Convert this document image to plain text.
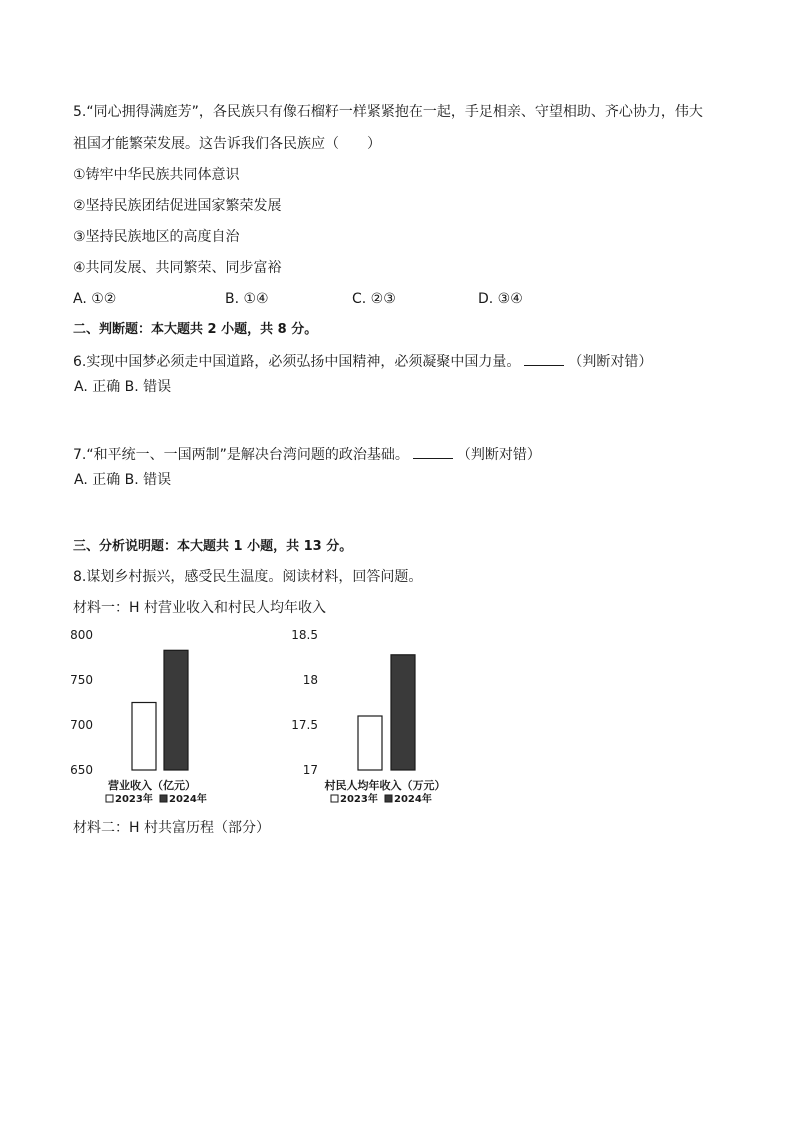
5.“同心拥得满庭芳”，各民族只有像石榴籽一样紧紧抱在一起，手足相亲、守望相助、齐心协力，伟大
祖国才能繁荣发展。这告诉我们各民族应（　　）
①铸牢中华民族共同体意识
②坚持民族团结促进国家繁荣发展
③坚持民族地区的高度自治
④共同发展、共同繁荣、同步富裕
A. ①②	B. ①④	C. ②③	D. ③④
二、判断题：本大题共 2 小题，共 8 分。
6.实现中国梦必须走中国道路，必须弘扬中国精神，必须凝聚中国力量。	（判断对错）
A. 正确 B. 错误
7.“和平统一、一国两制”是解决台湾问题的政治基础。	（判断对错）
A. 正确 B. 错误
三、分析说明题：本大题共 1 小题，共 13 分。
8.谋划乡村振兴，感受民生温度。阅读材料，回答问题。
材料一：H 村营业收入和村民人均年收入
800
750
700
650
营业收入（亿元）
2023年 2024年
18.5
18
17.5
17
村民人均年收入（万元）
2023年 2024年
材料二：H 村共富历程（部分）
